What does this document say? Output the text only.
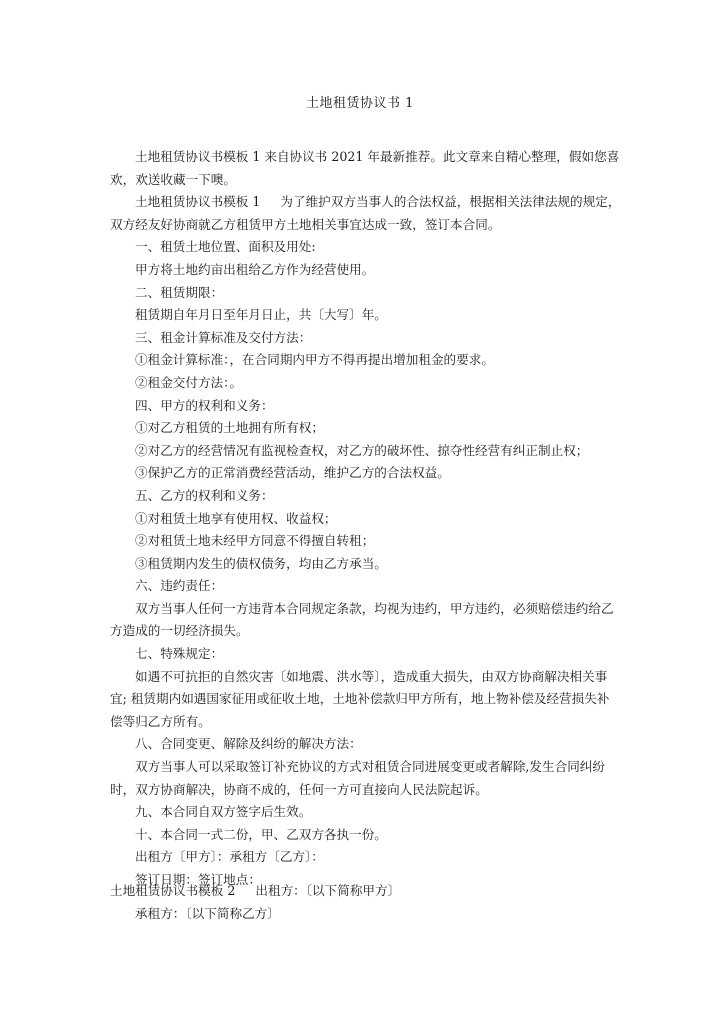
土地租赁协议书 1

土地租赁协议书模板 1 来自协议书 2021 年最新推荐。此文章来自精心整理，假如您喜

欢，欢送收藏一下噢。

土地租赁协议书模板 1 为了维护双方当事人的合法权益，根据相关法律法规的规定，

双方经友好协商就乙方租赁甲方土地相关事宜达成一致，签订本合同。

一、租赁土地位置、面积及用处:

甲方将土地约亩出租给乙方作为经营使用。

二、租赁期限：

租赁期自年月日至年月日止，共〔大写〕年。

三、租金计算标准及交付方法：

①租金计算标准：，在合同期内甲方不得再提出增加租金的要求。

②租金交付方法：。

四、甲方的权利和义务：

①对乙方租赁的土地拥有所有权；

②对乙方的经营情况有监视检查权，对乙方的破坏性、掠夺性经营有纠正制止权；

③保护乙方的正常消费经营活动，维护乙方的合法权益。

五、乙方的权利和义务：

①对租赁土地享有使用权、收益权；

②对租赁土地未经甲方同意不得擅自转租；

③租赁期内发生的债权债务，均由乙方承当。

六、违约责任：

双方当事人任何一方违背本合同规定条款，均视为违约，甲方违约，必须赔偿违约给乙

方造成的一切经济损失。

七、特殊规定：

如遇不可抗拒的自然灾害〔如地震、洪水等〕，造成重大损失，由双方协商解决相关事

宜; 租赁期内如遇国家征用或征收土地，土地补偿款归甲方所有，地上物补偿及经营损失补

偿等归乙方所有。

八、合同变更、解除及纠纷的解决方法：

双方当事人可以采取签订补充协议的方式对租赁合同进展变更或者解除,发生合同纠纷

时，双方协商解决，协商不成的，任何一方可直接向人民法院起诉。

九、本合同自双方签字后生效。

十、本合同一式二份，甲、乙双方各执一份。

出租方〔甲方〕：承租方〔乙方〕：

签订日期：签订地点：

土地租赁协议书模板 2 出租方：〔以下简称甲方〕

承租方：〔以下简称乙方〕
